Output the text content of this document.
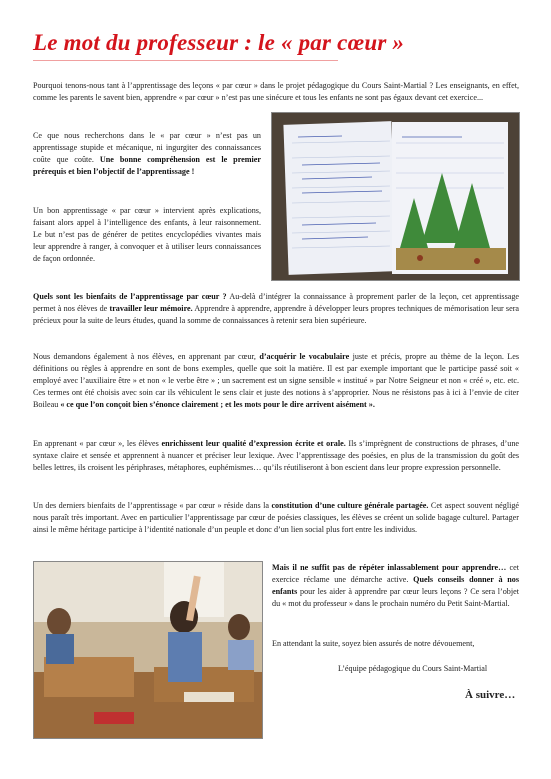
Le mot du professeur : le « par cœur »

Pourquoi tenons-nous tant à l’apprentissage des leçons « par cœur » dans le projet pédagogique du Cours Saint-Martial ? Les enseignants, en effet, comme les parents le savent bien, apprendre « par cœur » n’est pas une sinécure et tous les enfants ne sont pas égaux devant cet exercice...

Ce que nous recherchons dans le « par cœur » n’est pas un apprentissage stupide et mécanique, ni ingurgiter des connaissances coûte que coûte. Une bonne compréhension est le premier prérequis et bien l’objectif de l’apprentissage !

Un bon apprentissage « par cœur » intervient après explications, faisant alors appel à l’intelligence des enfants, à leur raisonnement. Le but n’est pas de générer de petites encyclopédies vivantes mais leur apprendre à ranger, à convoquer et à utiliser leurs connaissances de façon ordonnée.

Quels sont les bienfaits de l’apprentissage par cœur ? Au-delà d’intégrer la connaissance à proprement parler de la leçon, cet apprentissage permet à nos élèves de travailler leur mémoire. Apprendre à apprendre, apprendre à développer leurs propres techniques de mémorisation leur sera précieux pour la suite de leurs études, quand la somme de connaissances à retenir sera bien supérieure.

Nous demandons également à nos élèves, en apprenant par cœur, d’acquérir le vocabulaire juste et précis, propre au thème de la leçon. Les définitions ou règles à apprendre en sont de bons exemples, quelle que soit la matière. Il est par exemple important que le participe passé soit « employé avec l’auxiliaire être » et non « le verbe être » ; un sacrement est un signe sensible « institué » par Notre Seigneur et non « créé », etc. etc. Ces termes ont été choisis avec soin car ils véhiculent le sens clair et juste des notions à s’approprier. Nous ne résistons pas à ici à l’envie de citer Boileau « ce que l’on conçoit bien s’énonce clairement ; et les mots pour le dire arrivent aisément ».

En apprenant « par cœur », les élèves enrichissent leur qualité d’expression écrite et orale. Ils s’imprègnent de constructions de phrases, d’une syntaxe claire et sensée et apprennent à nuancer et préciser leur lexique. Avec l’apprentissage des poésies, en plus de la transmission du goût des belles lettres, ils croisent les périphrases, métaphores, euphémismes… qu’ils réutiliseront à bon escient dans leur propre expression personnelle.

Un des derniers bienfaits de l’apprentissage « par cœur » réside dans la constitution d’une culture générale partagée. Cet aspect souvent négligé nous paraît très important. Avec en particulier l’apprentissage par cœur de poésies classiques, les élèves se créent un solide bagage culturel. Partager ainsi le même héritage participe à l’identité nationale d’un peuple et donc d’un lien social plus fort entre les individus.

Mais il ne suffit pas de répéter inlassablement pour apprendre… cet exercice réclame une démarche active. Quels conseils donner à nos enfants pour les aider à apprendre par cœur leurs leçons ? Ce sera l’objet du « mot du professeur » dans le prochain numéro du Petit Saint-Martial.

En attendant la suite, soyez bien assurés de notre dévouement,

L’équipe pédagogique du Cours Saint-Martial
À suivre…
